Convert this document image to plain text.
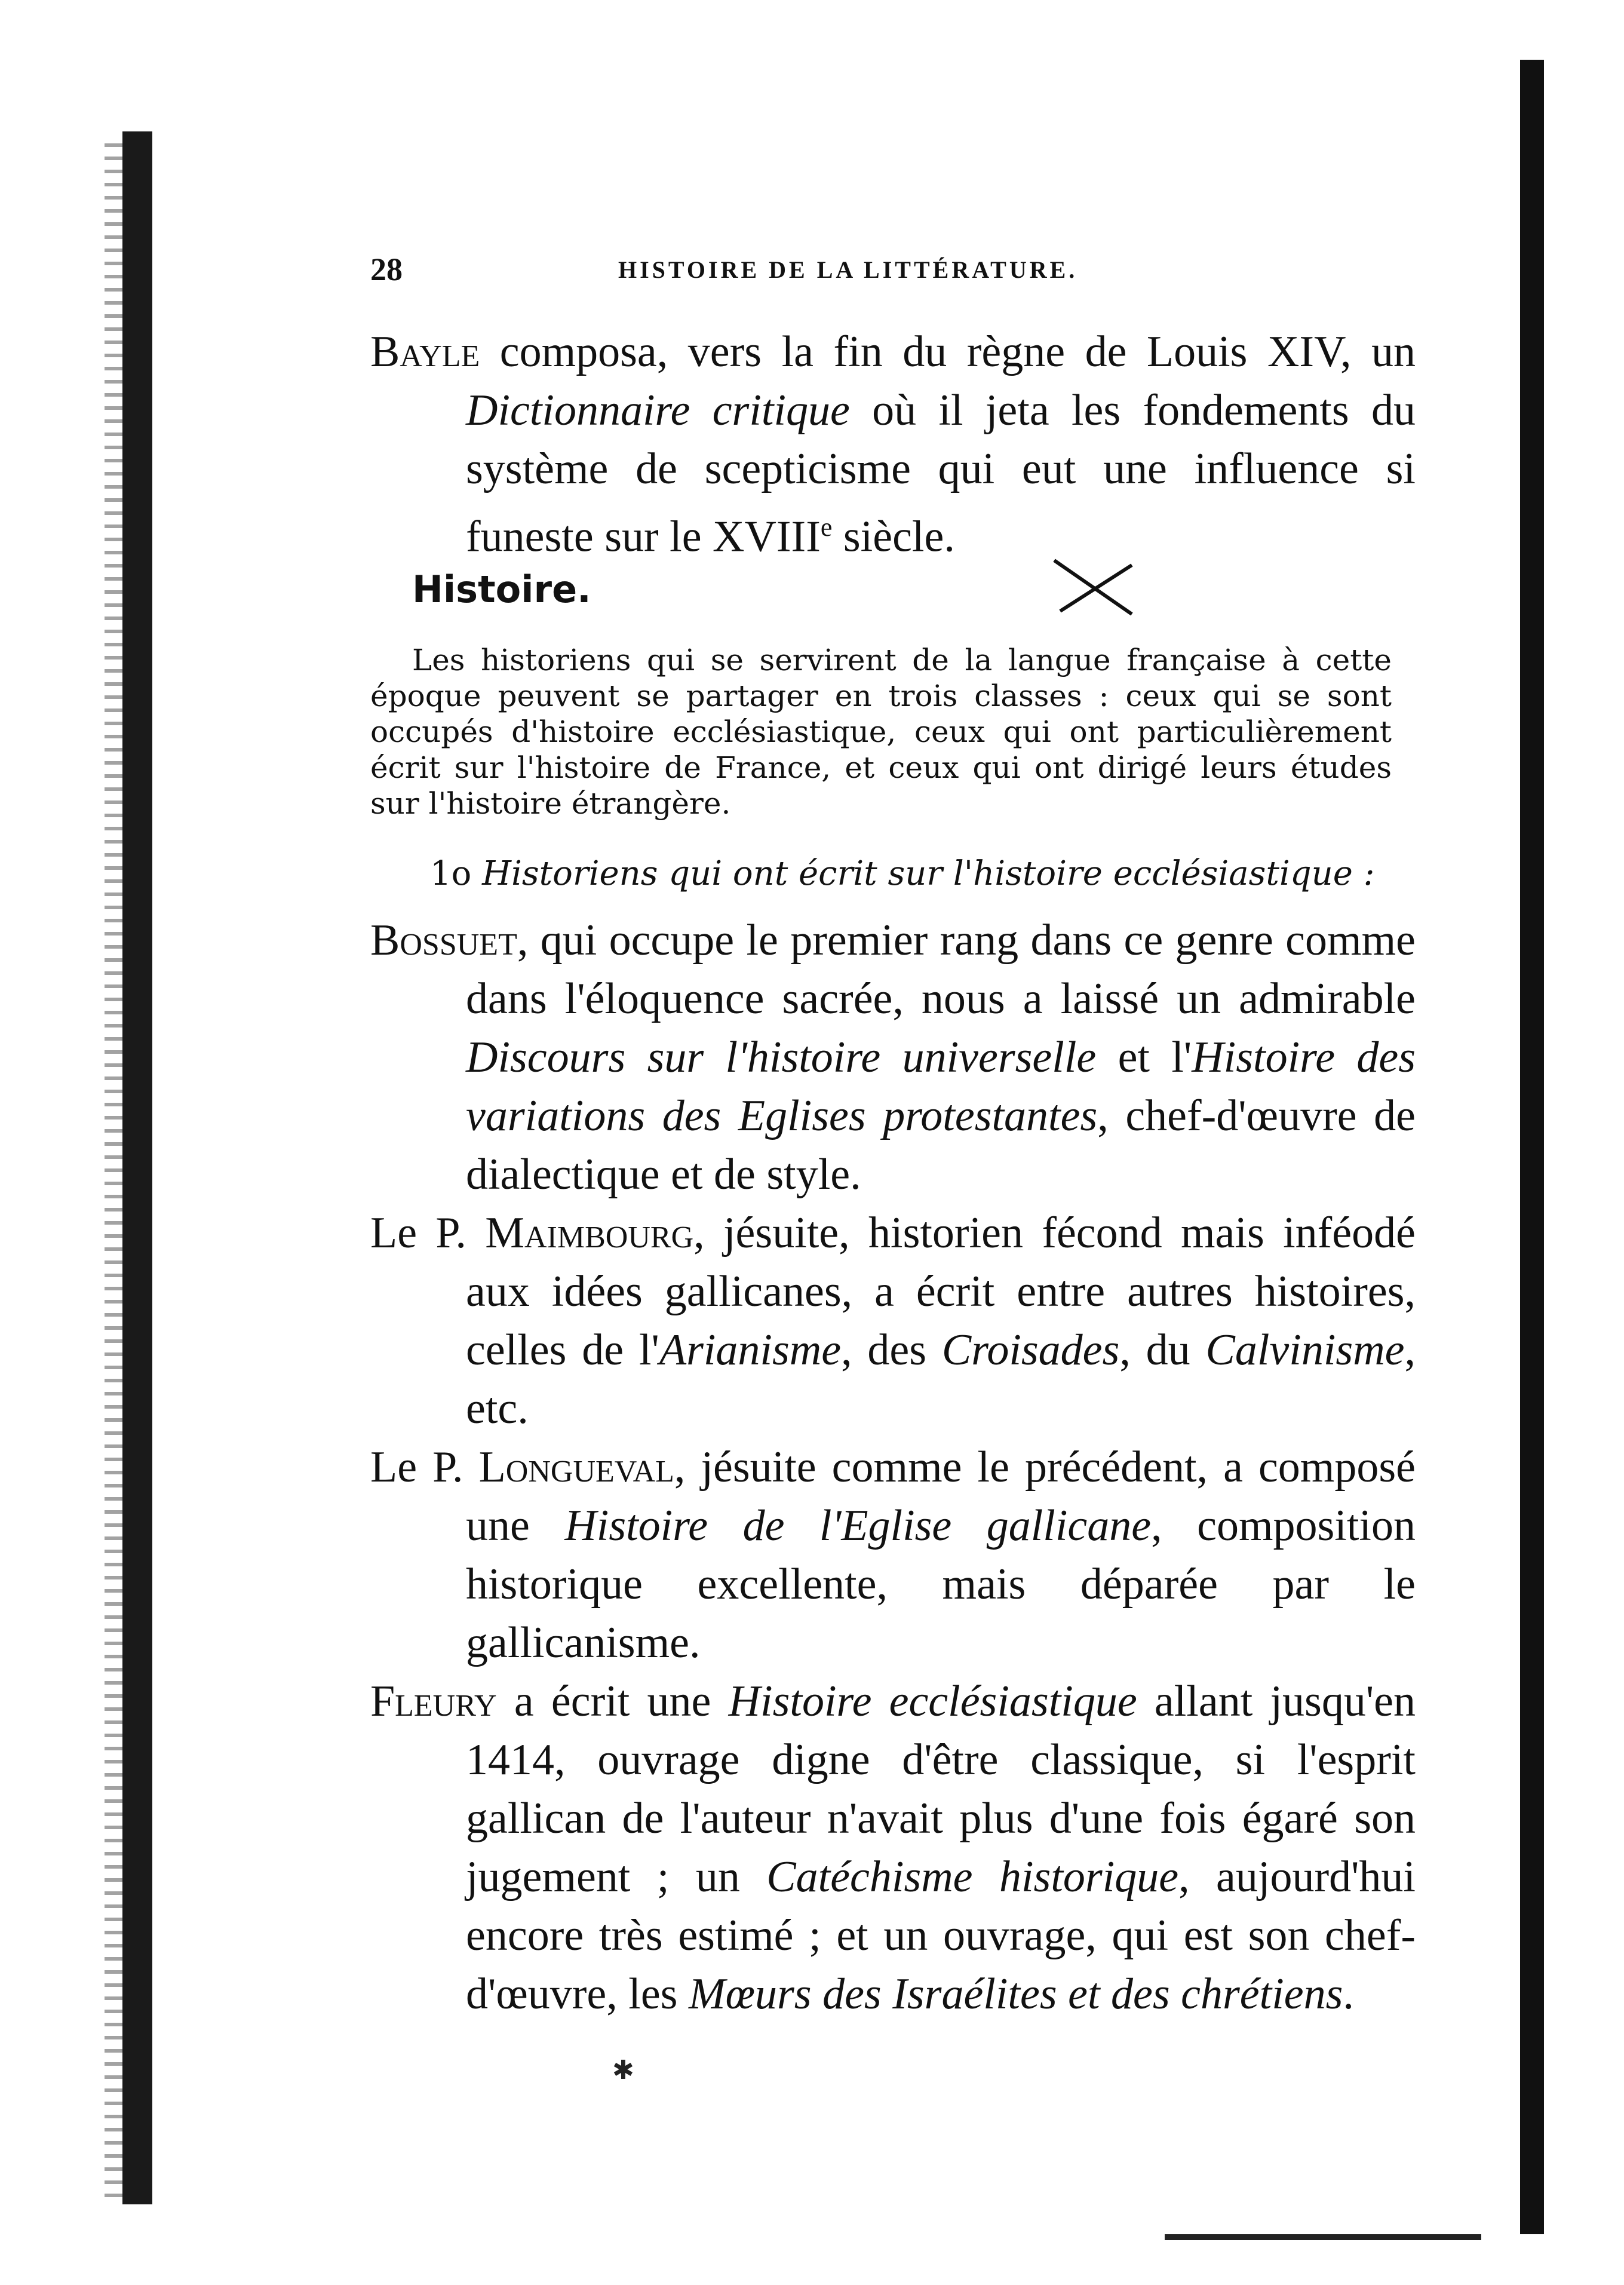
28	HISTOIRE DE LA LITTÉRATURE.

Bayle composa, vers la fin du règne de Louis XIV, un Dictionnaire critique où il jeta les fondements du système de scepticisme qui eut une influence si funeste sur le XVIIIe siècle.

Histoire.

Les historiens qui se servirent de la langue française à cette époque peuvent se partager en trois classes : ceux qui se sont occupés d'histoire ecclésiastique, ceux qui ont particulièrement écrit sur l'histoire de France, et ceux qui ont dirigé leurs études sur l'histoire étrangère.

1o Historiens qui ont écrit sur l'histoire ecclésiastique :

Bossuet, qui occupe le premier rang dans ce genre comme dans l'éloquence sacrée, nous a laissé un admirable Discours sur l'histoire universelle et l'Histoire des variations des Eglises protestantes, chef-d'œuvre de dialectique et de style.

Le P. Maimbourg, jésuite, historien fécond mais inféodé aux idées gallicanes, a écrit entre autres histoires, celles de l'Arianisme, des Croisades, du Calvinisme, etc.

Le P. Longueval, jésuite comme le précédent, a composé une Histoire de l'Eglise gallicane, composition historique excellente, mais déparée par le gallicanisme.

Fleury a écrit une Histoire ecclésiastique allant jusqu'en 1414, ouvrage digne d'être classique, si l'esprit gallican de l'auteur n'avait plus d'une fois égaré son jugement ; un Catéchisme historique, aujourd'hui encore très estimé ; et un ouvrage, qui est son chef-d'œuvre, les Mœurs des Israélites et des chrétiens.

✱
